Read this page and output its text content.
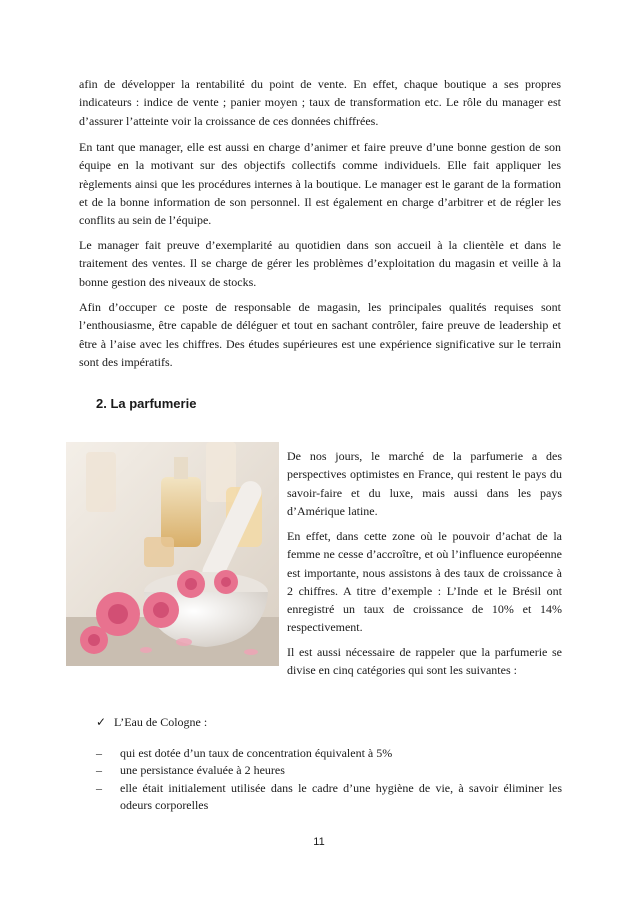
afin de développer la rentabilité du point de vente. En effet, chaque boutique a ses propres indicateurs : indice de vente ; panier moyen ; taux de transformation etc. Le rôle du manager est d’assurer l’atteinte voir la croissance de ces données chiffrées.

En tant que manager, elle est aussi en charge d’animer et faire preuve d’une bonne gestion de son équipe en la motivant sur des objectifs collectifs comme individuels. Elle fait appliquer les règlements ainsi que les procédures internes à la boutique. Le manager est le garant de la formation et de la bonne information de son personnel. Il est également en charge d’arbitrer et de régler les conflits au sein de l’équipe.

Le manager fait preuve d’exemplarité au quotidien dans son accueil à la clientèle et dans le traitement des ventes. Il se charge de gérer les problèmes d’exploitation du magasin et veille à la bonne gestion des niveaux de stocks.

Afin d’occuper ce poste de responsable de magasin, les principales qualités requises sont l’enthousiasme, être capable de déléguer et tout en sachant contrôler, faire preuve de leadership et être à l’aise avec les chiffres. Des études supérieures est une expérience significative sur le terrain sont des impératifs.

2. La parfumerie

De nos jours, le marché de la parfumerie a des perspectives optimistes en France, qui restent le pays du savoir-faire et du luxe, mais aussi dans les pays d’Amérique latine.

En effet, dans cette zone où le pouvoir d’achat de la femme ne cesse d’accroître, et où l’influence européenne est importante, nous assistons à des taux de croissance à 2 chiffres. A titre d’exemple : L’Inde et le Brésil ont enregistré un taux de croissance de 10% et 14% respectivement.

Il est aussi nécessaire de rappeler que la parfumerie se divise en cinq catégories qui sont les suivantes :

✓ L’Eau de Cologne :

– qui est dotée d’un taux de concentration équivalent à 5%
– une persistance évaluée à 2 heures
– elle était initialement utilisée dans le cadre d’une hygiène de vie, à savoir éliminer les odeurs corporelles
11
